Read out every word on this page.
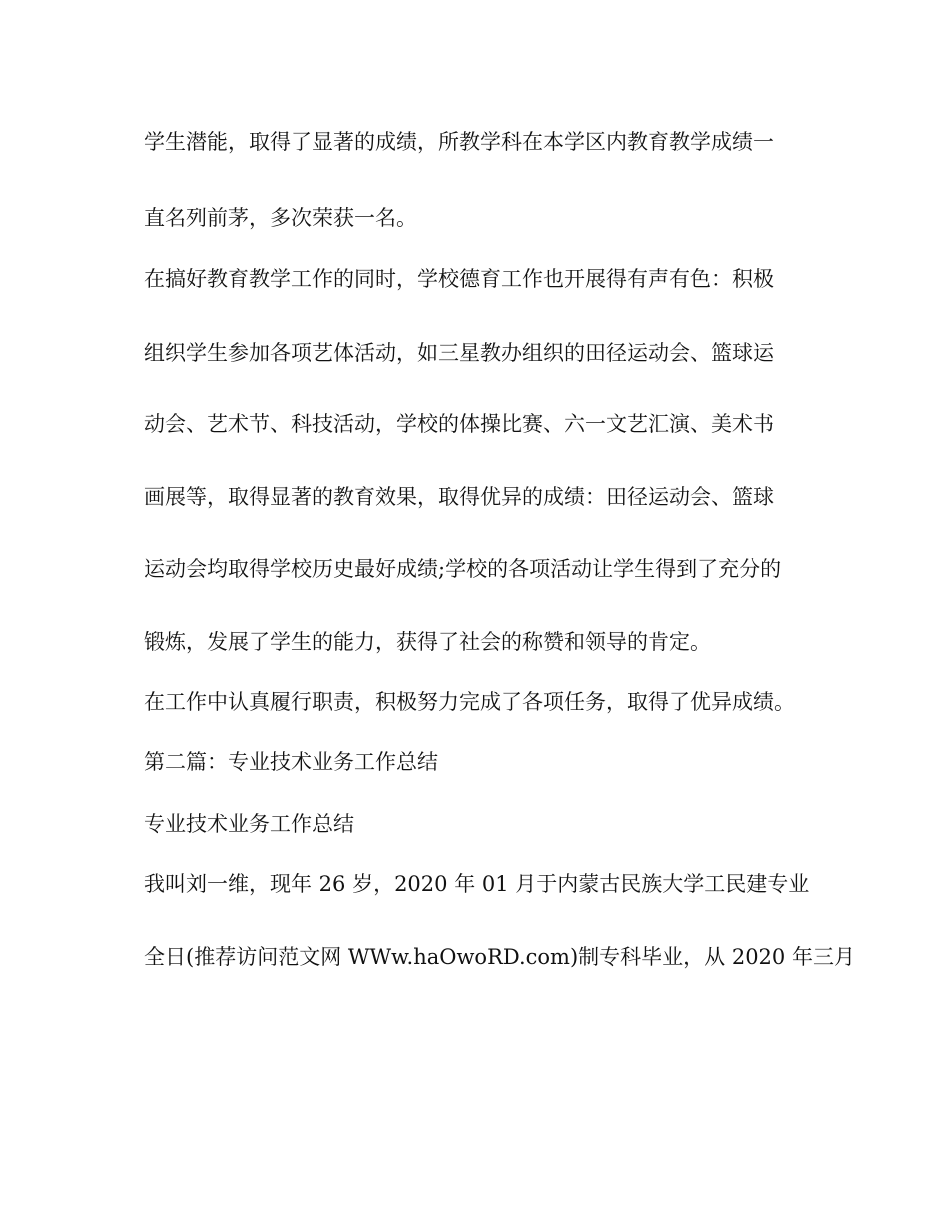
学生潜能，取得了显著的成绩，所教学科在本学区内教育教学成绩一

直名列前茅，多次荣获一名。

在搞好教育教学工作的同时，学校德育工作也开展得有声有色：积极

组织学生参加各项艺体活动，如三星教办组织的田径运动会、篮球运

动会、艺术节、科技活动，学校的体操比赛、六一文艺汇演、美术书

画展等，取得显著的教育效果，取得优异的成绩：田径运动会、篮球

运动会均取得学校历史最好成绩;学校的各项活动让学生得到了充分的

锻炼，发展了学生的能力，获得了社会的称赞和领导的肯定。

在工作中认真履行职责，积极努力完成了各项任务，取得了优异成绩。

第二篇：专业技术业务工作总结

专业技术业务工作总结

我叫刘一维，现年 26 岁，2020 年 01 月于内蒙古民族大学工民建专业

全日(推荐访问范文网 WWw.haOwoRD.com)制专科毕业，从 2020 年三月
